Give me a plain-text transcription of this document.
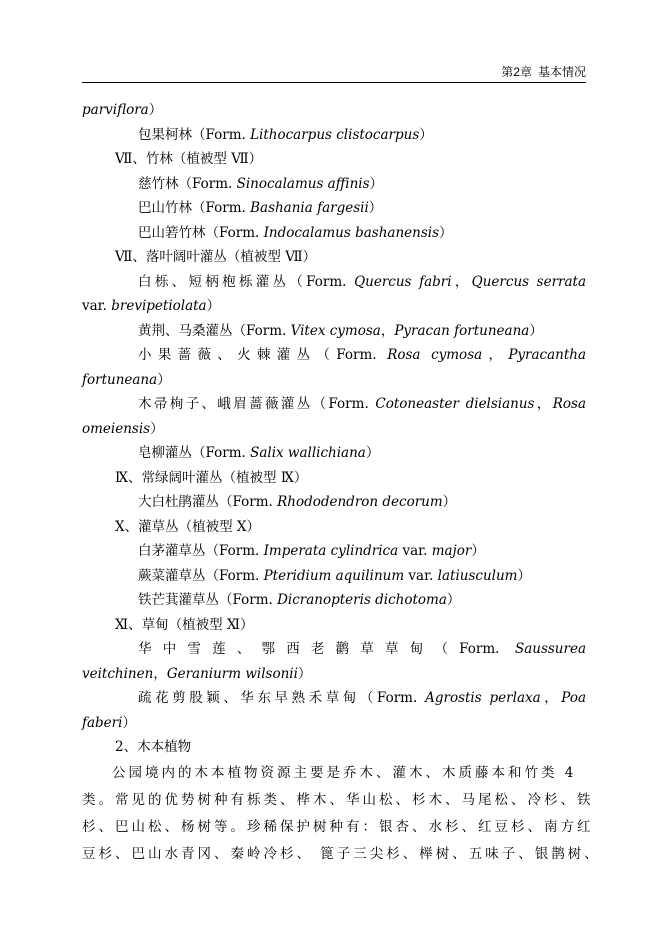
第2章 基本情况
parviflora）
包果柯林（Form. Lithocarpus clistocarpus）
Ⅶ、竹林（植被型 Ⅶ）
慈竹林（Form. Sinocalamus affinis）
巴山竹林（Form. Bashania fargesii）
巴山箬竹林（Form. Indocalamus bashanensis）
Ⅶ、落叶阔叶灌丛（植被型 Ⅶ）
白栎、短柄枹栎灌丛（Form. Quercus fabri，Quercus serrata
var. brevipetiolata）
黄荆、马桑灌丛（Form. Vitex cymosa，Pyracan fortuneana）
小果蔷薇、火棘灌丛（Form. Rosa cymosa，Pyracantha
fortuneana）
木帚栒子、峨眉蔷薇灌丛（Form. Cotoneaster dielsianus，Rosa
omeiensis）
皂柳灌丛（Form. Salix wallichiana）
Ⅸ、常绿阔叶灌丛（植被型 Ⅸ）
大白杜鹃灌丛（Form. Rhododendron decorum）
Ⅹ、灌草丛（植被型 Ⅹ）
白茅灌草丛（Form. Imperata cylindrica var. major）
蕨菜灌草丛（Form. Pteridium aquilinum var. latiusculum）
铁芒萁灌草丛（Form. Dicranopteris dichotoma）
Ⅺ、草甸（植被型 Ⅺ）
华中雪莲、鄂西老鹳草草甸（Form. Saussurea
veitchinen，Geraniurm wilsonii）
疏花剪股颖、华东早熟禾草甸（Form. Agrostis perlaxa，Poa
faberi）
2、木本植物
公园境内的木本植物资源主要是乔木、灌木、木质藤本和竹类 4
类。常见的优势树种有栎类、桦木、华山松、杉木、马尾松、冷杉、铁
杉、巴山松、杨树等。珍稀保护树种有：银杏、水杉、红豆杉、南方红
豆杉、巴山水青冈、秦岭冷杉、 篦子三尖杉、榉树、五味子、银鹊树、
